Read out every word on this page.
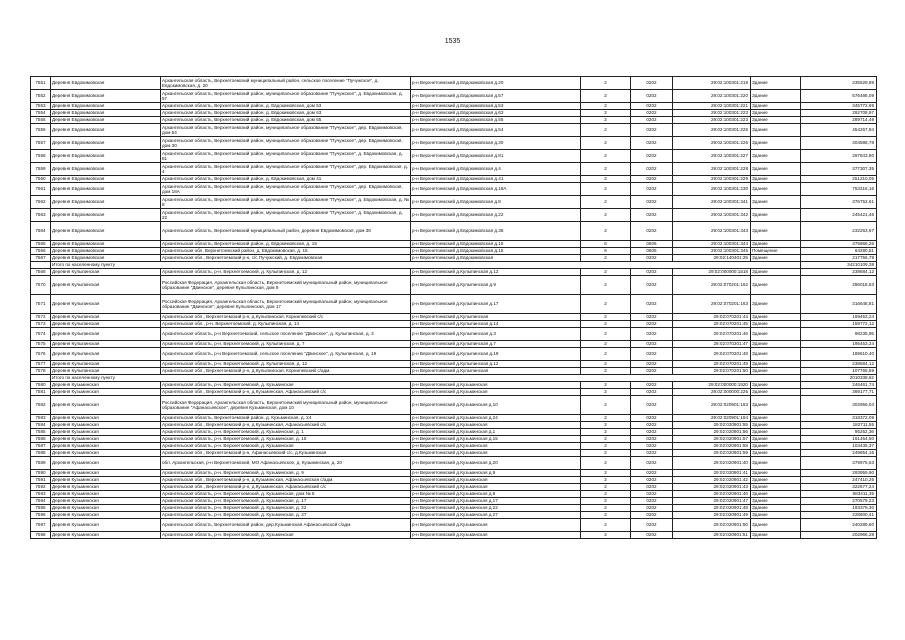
1535
7551	Деревня Евдокимовская	Архангельская область, Верхнетоемский муниципальный район, сельское поселение "Пучужское", д. Евдокимовская, д. 20	р-н Верхнетоемский д.Евдокимовская д.20	2	0202	29:02:100301:219	Здание	235529,89
7552	Деревня Евдокимовская	Архангельская область, Верхнетоемский район, муниципальное образование "Пучужское", д. Евдокимовская, д. 57	р-н Верхнетоемский д.Евдокимовская д.57	2	0202	29:02:100301:220	Здание	576486,09
7553	Деревня Евдокимовская	Архангельская область, Верхнетоемский район, д. Евдокимовская, дом 53	р-н Верхнетоемский д.Евдокимовская д.53	2	0202	29:02:100301:221	Здание	345772,69
7554	Деревня Евдокимовская	Архангельская область, Верхнетоемский район, д. Евдокимовская, дом 63	р-н Верхнетоемский д.Евдокимовская д.63	2	0202	29:02:100301:223	Здание	292708,97
7555	Деревня Евдокимовская	Архангельская область, Верхнетоемский район, д. Евдокимовская, дом 55	р-н Верхнетоемский д.Евдокимовская д.55	2	0202	29:02:100301:223	Здание	289714,49
7556	Деревня Евдокимовская	Архангельская область, Верхнетоемский район, муниципальное образование "Пучужское", дер. Евдокимовская, дом 54	р-н Верхнетоемский д.Евдокимовская д.54	2	0202	29:02:100301:225	Здание	454267,94
7557	Деревня Евдокимовская	Архангельская область, Верхнетоемский район, муниципальное образование "Пучужское", дер. Евдокимовская, дом 30	р-н Верхнетоемский д.Евдокимовская д.30	2	0202	29:02:100301:226	Здание	404588,78
7558	Деревня Евдокимовская	Архангельская область, Верхнетоемский район, муниципальное образование "Пучужское", д. Евдокимовская, д. 81	р-н Верхнетоемский д.Евдокимовская д.81	2	0202	29:02:100301:227	Здание	297843,80
7559	Деревня Евдокимовская	Архангельская область, Верхнетоемский район, муниципальное образование "Пучужское", дер. Евдокимовская, д. 4	р-н Верхнетоемский д.Евдокимовская д.4	2	0202	29:02:100301:228	Здание	377307,35
7560	Деревня Евдокимовская	Архангельская область, Верхнетоемский район, д. Евдокимовская, дом 41	р-н Верхнетоемский д.Евдокимовская д.41	2	0202	29:02:100301:229	Здание	251210,05
7561	Деревня Евдокимовская	Архангельская область, Верхнетоемский район, муниципальное образование "Пучужское", дер. Евдокимовская, дом 18А	р-н Верхнетоемский д.Евдокимовская д.18А	2	0202	29:02:100301:230	Здание	753316,16
7562	Деревня Евдокимовская	Архангельская область, Верхнетоемский район, муниципальное образование "Пучужское", д. Евдокимовская, д. № 8	р-н Верхнетоемский д.Евдокимовская д.8	2	0202	29:02:100301:341	Здание	376752,61
7563	Деревня Евдокимовская	Архангельская область, Верхнетоемский район, муниципальное образование "Пучужское", д. Евдокимовская, д. 22	р-н Верхнетоемский д.Евдокимовская д.22	2	0202	29:02:100301:342	Здание	245421,46
7564	Деревня Евдокимовская	Архангельская область, Верхнетоемский муниципальный район, деревня Евдокимовская, дом 38	р-н Верхнетоемский д.Евдокимовская д.38	2	0202	29:02:100301:343	Здание	232263,67
7565	Деревня Евдокимовская	Архангельская область, Верхнетоемский район, д. Евдокимовская, д. 15	р-н Верхнетоемский д.Евдокимовская д.15	6	0606	29:02:100301:344	Здание	375866,26
7566	Деревня Евдокимовская	Архангельская обл, Верхнетоемский район, д. Евдокимовская, д. 15	р-н Верхнетоемский д.Евдокимовская д.15	6	0605	29:02:100301:345	Помещение	64280,51
7567	Деревня Евдокимовская	Архангельская обл., Верхнетоемский р-н, с/с Пучужский, д. Евдокимовская	р-н Верхнетоемский д.Евдокимовская	2	0202	29:02:140401:25	Здание	217756,79
	Итого по населенному пункту							34210109,38
7568	Деревня Кулыпинская	Архангельская область, р-н. Верхнетоемский, д. Кулыпинская, д. 12	р-н Верхнетоемский д.Кулыпинская д.12	2	0202	29:02:000000:1518	Здание	238684,12
7570	Деревня Кулыпинская	Российская Федерация, Архангельская область, Верхнетоемский муниципальный район, муниципальное образование "Двинское", деревня Кулыпинская, дом 9	р-н Верхнетоемский д.Кулыпинская д.9	2	0202	29:02:070201:162	Здание	286018,53
7571	Деревня Кулыпинская	Российская Федерация, Архангельская область, Верхнетоемский муниципальный район, муниципальное образование "Двинское", деревня Кулыпинская, дом 17	р-н Верхнетоемский д.Кулыпинская д.17	2	0202	29:02:070201:163	Здание	316648,81
7572	Деревня Кулыпинская	Архангельская обл., Верхнетоемский р-н, д.Кулыпинская, Корнилевский с/с	р-н Верхнетоемский д.Кулыпинская	2	0202	29:02:070201:44	Здание	159453,24
7573	Деревня Кулыпинская	Архангельская обл., р-н. Верхнетоемский, д. Кулыпинская, д. 14	р-н Верхнетоемский д.Кулыпинская д.14	2	0202	29:02:070201:45	Здание	159772,12
7574	Деревня Кулыпинская	Архангельская область, р-н Верхнетоемский, сельское поселение "Двинское", д. Кулыпинская, д. 3	р-н Верхнетоемский д.Кулыпинская д.3	2	0202	29:02:070201:46	Здание	98235,95
7575	Деревня Кулыпинская	Архангельская область, р-н. Верхнетоемский, д. Кулыпинская, д. 7	р-н Верхнетоемский д.Кулыпинская д.7	2	0202	29:02:070201:47	Здание	195453,24
7576	Деревня Кулыпинская	Архангельская область, р-н Верхнетоемский, сельское поселение "Двинское", д. Кулыпинская, д. 19	р-н Верхнетоемский д.Кулыпинская д.19	2	0202	29:02:070201:48	Здание	189610,40
7577	Деревня Кулыпинская	Архангельская область, р-н. Верхнетоемский, д. Кулыпинская, д. 12	р-н Верхнетоемский д.Кулыпинская д.12	2	0202	29:02:070201:49	Здание	238684,12
7578	Деревня Кулыпинская	Архангельская обл., Верхнетоемский р-н, д.Кулыпинская, Корнилевский с/адм.	р-н Верхнетоемский д.Кулыпинская	2	0202	29:02:070201:50	Здание	107765,59
	Итого по населенному пункту							2010338,62
7580	Деревня Кузьминская	Архангельская область, р-н. Верхнетоемский, д. Кузьминская	р-н Верхнетоемский д.Кузьминская	2	0202	29:02:000000:1520	Здание	246461,74
7581	Деревня Кузьминская	Архангельская обл., Верхнетоемский р-н, д.Кузьминская, Афанасьевский с/с	р-н Верхнетоемский д.Кузьминская	2	0202	29:02:000000:225	Здание	369177,71
7582	Деревня Кузьминская	Российская Федерация, Архангельская область, Верхнетоемский муниципальный район, муниципальное образование "Афанасьевское", деревня Кузьминская, дом 10	р-н Верхнетоемский д.Кузьминская д.10	2	0202	29:02:020901:183	Здание	302956,04
7583	Деревня Кузьминская	Архангельская область, Верхнетоемский район, д. Кузьминская, д. 24	р-н Верхнетоемский д.Кузьминская д.24	2	0202	29:02:020901:184	Здание	318372,09
7584	Деревня Кузьминская	Архангельская обл., Верхнетоемский р-н, д.Кузьминская, Афанасьевский с/с	р-н Верхнетоемский д.Кузьминская	2	0202	29:02:020901:55	Здание	182711,55
7585	Деревня Кузьминская	Архангельская область, р-н. Верхнетоемский, д. Кузьминская, д. 1	р-н Верхнетоемский д.Кузьминская д.1	2	0202	29:02:020901:56	Здание	95252,36
7586	Деревня Кузьминская	Архангельская область, р-н. Верхнетоемский, д. Кузьминская, д. 15	р-н Верхнетоемский д.Кузьминская д.15	2	0202	29:02:020901:57	Здание	161454,50
7587	Деревня Кузьминская	Архангельская область, р-н. Верхнетоемский, д. Кузьминская	р-н Верхнетоемский д.Кузьминская	2	0202	29:02:020901:58	Здание	103435,37
7588	Деревня Кузьминская	Архангельская обл., Верхнетоемский р-н, Афанасьевский с/с, д.Кузьминская	р-н Верхнетоемский д.Кузьминская	2	0202	29:02:020901:59	Здание	249854,16
7589	Деревня Кузьминская	обл. Архангельская, р-н Верхнетоемский, МО Афанасьевское, д. Кузьминская, д. 20	р-н Верхнетоемский д.Кузьминская д.20	2	0202	29:02:020901:40	Здание	379975,53
7590	Деревня Кузьминская	Архангельская область, р-н. Верхнетоемский, д. Кузьминская, д. 9	р-н Верхнетоемский д.Кузьминская д.9	2	0202	29:02:020901:41	Здание	293959,90
7591	Деревня Кузьминская	Архангельская обл., Верхнетоемский р-н, д.Кузьминская, Афанасьевская с/адм.	р-н Верхнетоемский д.Кузьминская	2	0202	29:02:020901:42	Здание	247410,25
7592	Деревня Кузьминская	Архангельская обл., Верхнетоемский р-н, д.Кузьминская, Афанасьевский с/с	р-н Верхнетоемский д.Кузьминская	2	0202	29:02:020901:43	Здание	322677,24
7593	Деревня Кузьминская	Архангельская область, р-н. Верхнетоемский, д. Кузьминская, дом № 8	р-н Верхнетоемский д.Кузьминская д.8	2	0202	29:02:020901:46	Здание	683411,35
7594	Деревня Кузьминская	Архангельская область, р-н. Верхнетоемский, д. Кузьминская, д. 17	р-н Верхнетоемский д.Кузьминская д.17	2	0202	29:02:020901:47	Здание	270579,23
7595	Деревня Кузьминская	Архангельская область, р-н. Верхнетоемский, д. Кузьминская, д. 22	р-н Верхнетоемский д.Кузьминская д.22	2	0202	29:02:020901:48	Здание	193379,30
7596	Деревня Кузьминская	Архангельская область, р-н. Верхнетоемский, д. Кузьминская, д. 27	р-н Верхнетоемский д.Кузьминская д.27	2	0202	29:02:020901:49	Здание	228600,41
7597	Деревня Кузьминская	Архангельская область, Верхнетоемский район, дер.Кузьминская Афанасьевской с/адм	р-н Верхнетоемский д.Кузьминская	2	0202	29:02:020901:50	Здание	240289,60
7598	Деревня Кузьминская	Архангельская область, р-н. Верхнетоемский, д. Кузьминская	р-н Верхнетоемский д.Кузьминская	2	0202	29:02:020901:51	Здание	202966,28
